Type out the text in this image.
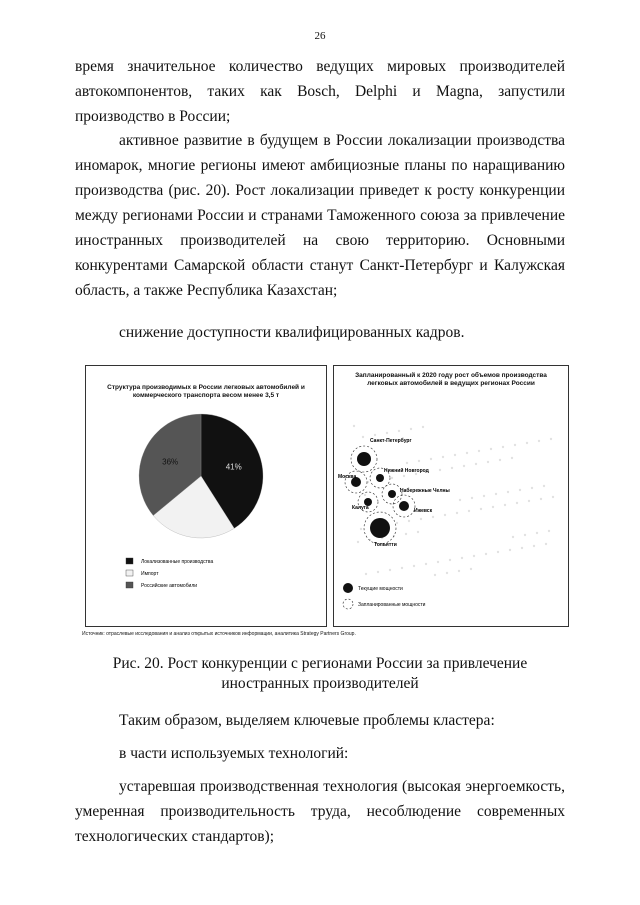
26

время значительное количество ведущих мировых производителей автокомпонентов, таких как Bosch, Delphi и Magna, запустили производство в России;

активное развитие в будущем в России локализации производства иномарок, многие регионы имеют амбициозные планы по наращиванию производства (рис. 20). Рост локализации приведет к росту конкуренции между регионами России и странами Таможенного союза за привлечение иностранных производителей на свою территорию. Основными конкурентами Самарской области станут Санкт-Петербург и Калужская область, а также Республика Казахстан;

снижение доступности квалифицированных кадров.

Структура производимых в России легковых автомобилей и коммерческого транспорта весом менее 3,5 т
41%
36%
Локализованные производства
Импорт
Российские автомобили
Запланированный к 2020 году рост объемов производства легковых автомобилей в ведущих регионах России
Санкт-Петербург
Москва
Нижний Новгород
Набережные Челны
Калуга	Ижевск
Тольятти
Текущие мощности
Запланированные мощности
Источник: отраслевые исследования и анализ открытых источников информации, аналитика Strategy Partners Group.
Рис. 20. Рост конкуренции с регионами России за привлечение
иностранных производителей

Таким образом, выделяем ключевые проблемы кластера:

в части используемых технологий:

устаревшая производственная технология (высокая энергоемкость, умеренная производительность труда, несоблюдение современных технологических стандартов);
